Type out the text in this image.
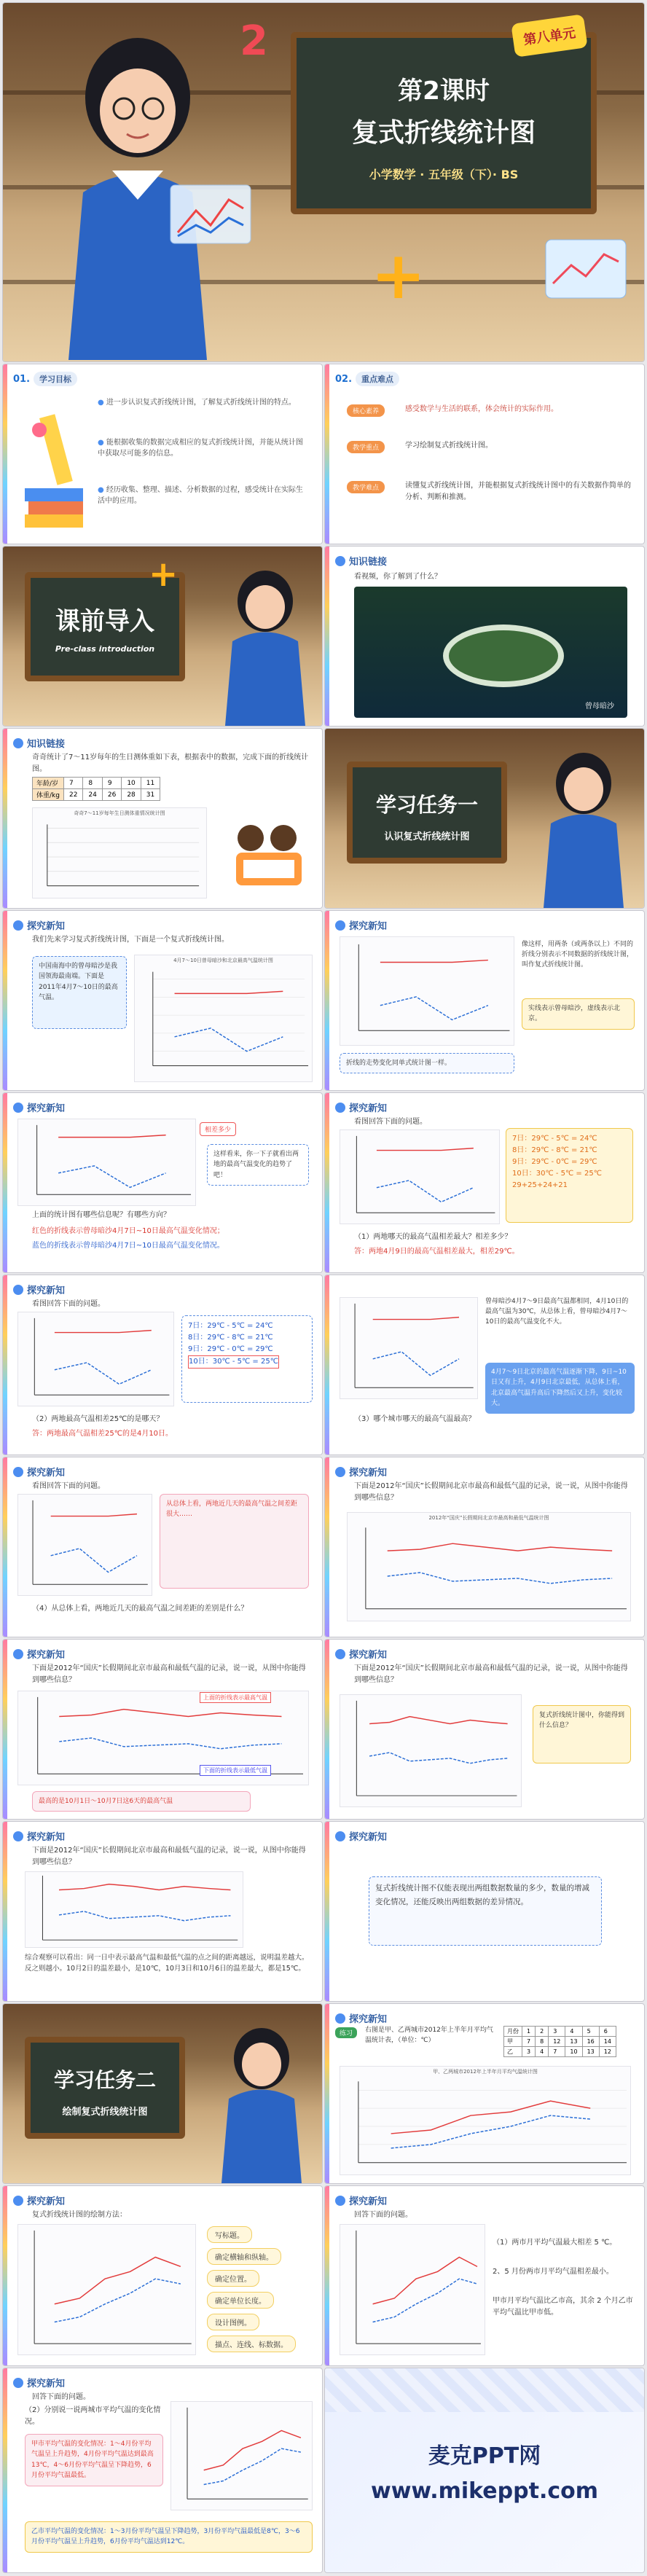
2
第2课时
复式折线统计图
小学数学 · 五年级（下）· BS
第八单元
+
01.	学习目标
● 进一步认识复式折线统计图，了解复式折线统计图的特点。
● 能根据收集的数据完成相应的复式折线统计图，并能从统计图中获取尽可能多的信息。
● 经历收集、整理、描述、分析数据的过程，感受统计在实际生活中的应用。
02.	重点难点
核心素养	感受数学与生活的联系，体会统计的实际作用。
教学重点	学习绘制复式折线统计图。
教学难点	读懂复式折线统计图，并能根据复式折线统计图中的有关数据作简单的分析、判断和推测。
课前导入
Pre-class introduction
+	知识链接
看视频，你了解到了什么？
曾母暗沙
知识链接
奇奇统计了7～11岁每年的生日测体重如下表，根据表中的数据，完成下面的折线统计图。
年龄/岁	7	8	9	10	11
体重/kg	22	24	26	28	31
奇奇7～11岁每年生日测体重情况统计图	学习任务一
认识复式折线统计图
探究新知
我们先来学习复式折线统计图，下面是一个复式折线统计图。
中国南海中的曾母暗沙是我国领海最南端。下面是2011年4月7～10日的最高气温。
4月7～10日曾母暗沙和北京最高气温统计图
探究新知
像这样，用两条（或两条以上）不同的折线分别表示不同数据的折线统计图，叫作复式折线统计图。
实线表示曾母暗沙，虚线表示北京。
折线的走势变化同单式统计图一样。
探究新知
相差多少
这样看来，你一下子就看出两地的最高气温变化的趋势了吧！
上面的统计图有哪些信息呢？有哪些方向？
红色的折线表示曾母暗沙4月7日~10日最高气温变化情况；
蓝色的折线表示曾母暗沙4月7日~10日最高气温变化情况。
探究新知
看图回答下面的问题。
7日：29℃ - 5℃ = 24℃
8日：29℃ - 8℃ = 21℃
9日：29℃ - 0℃ = 29℃
10日：30℃ - 5℃ = 25℃
29+25+24+21
（1）两地哪天的最高气温相差最大？相差多少？
答：两地4月9日的最高气温相差最大，相差29℃。
探究新知
看图回答下面的问题。
7日：29℃ - 5℃ = 24℃
8日：29℃ - 8℃ = 21℃
9日：29℃ - 0℃ = 29℃
10日：30℃ - 5℃ = 25℃
（2）两地最高气温相差25℃的是哪天？
答：两地最高气温相差25℃的是4月10日。
曾母暗沙4月7～9日最高气温都相同，4月10日的最高气温为30℃，从总体上看，曾母暗沙4月7～10日的最高气温变化不大。
4月7～9日北京的最高气温逐渐下降，9日~10日又有上升，4月9日北京最低，从总体上看，北京最高气温升高后下降然后又上升，变化较大。
（3）哪个城市哪天的最高气温最高？
探究新知
看图回答下面的问题。
从总体上看，两地近几天的最高气温之间差距很大……
（4）从总体上看，两地近几天的最高气温之间差距的差别是什么？
探究新知
下面是2012年“国庆”长假期间北京市最高和最低气温的记录，说一说，从图中你能得到哪些信息？
2012年“国庆”长假期间北京市最高和最低气温统计图
探究新知
下面是2012年“国庆”长假期间北京市最高和最低气温的记录，说一说，从图中你能得到哪些信息？
上面的折线表示最高气温
下面的折线表示最低气温
最高的是10月1日～10月7日这6天的最高气温
探究新知
下面是2012年“国庆”长假期间北京市最高和最低气温的记录，说一说，从图中你能得到哪些信息？
复式折线统计图中，你能得到什么信息？
探究新知
下面是2012年“国庆”长假期间北京市最高和最低气温的记录，说一说，从图中你能得到哪些信息？
综合观察可以看出：同一日中表示最高气温和最低气温的点之间的距离越远，说明温差越大。反之则越小。10月2日的温差最小，是10℃，10月3日和10月6日的温差最大，都是15℃。
探究新知
复式折线统计图不仅能表现出两组数据数量的多少，数量的增减变化情况，还能反映出两组数据的差异情况。
学习任务二
绘制复式折线统计图
探究新知
练习	右图是甲、乙两城市2012年上半年月平均气温统计表，（单位：℃）
月份	1	2	3	4	5	6
甲	7	8	12	13	16	14
乙	3	4	7	10	13	12
甲、乙两城市2012年上半年月平均气温统计图
探究新知
复式折线统计图的绘制方法：
写标题。
确定横轴和纵轴。
确定位置。
确定单位长度。
设计图例。
描点、连线、标数据。
探究新知
回答下面的问题。
（1）两市月平均气温最大相差 5 ℃。
2、5 月份两市月平均气温相差最小。
甲市月平均气温比乙市高，其余 2 个月乙市平均气温比甲市低。
探究新知
回答下面的问题。
（2）分别说一说两城市平均气温的变化情况。
甲市平均气温的变化情况：1～4月份平均气温呈上升趋势，4月份平均气温达到最高13℃，4～6月份平均气温呈下降趋势，6月份平均气温最低。
乙市平均气温的变化情况：1～3月份平均气温呈下降趋势，3月份平均气温最低是8℃，3～6月份平均气温呈上升趋势，6月份平均气温达到12℃。
麦克PPT网
www.mikeppt.com
